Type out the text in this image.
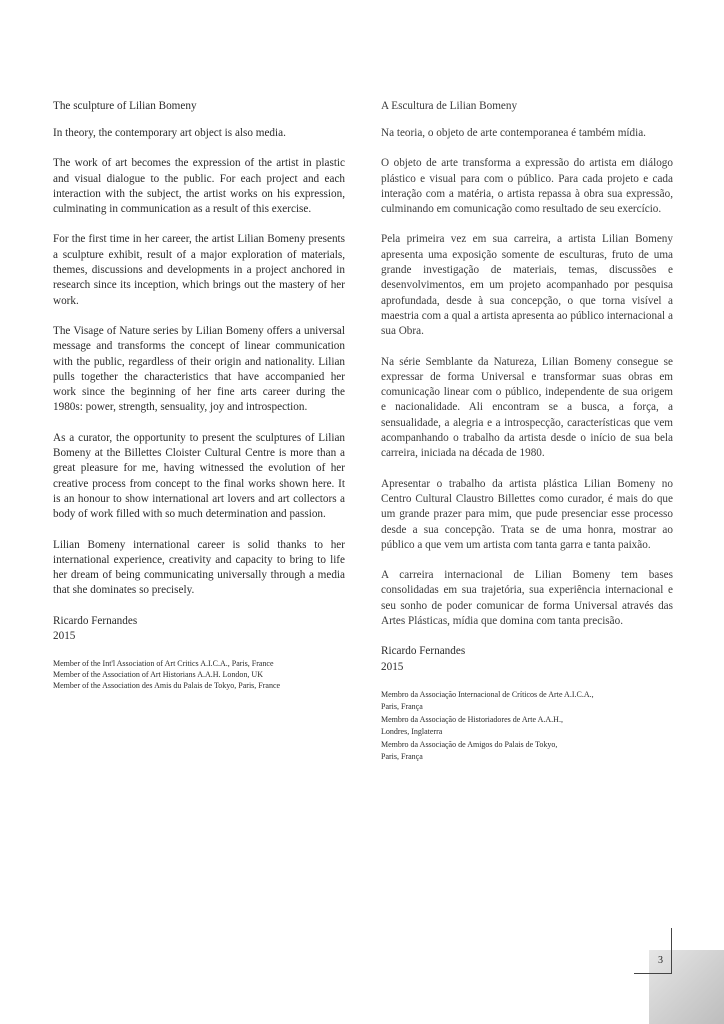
The sculpture of Lilian Bomeny

In theory, the contemporary art object is also media.

The work of art becomes the expression of the artist in plastic and visual dialogue to the public. For each project and each interaction with the subject, the artist works on his expression, culminating in communication as a result of this exercise.

For the first time in her career, the artist Lilian Bomeny presents a sculpture exhibit, result of a major exploration of materials, themes, discussions and developments in a project anchored in research since its inception, which brings out the mastery of her work.

The Visage of Nature series by Lilian Bomeny offers a universal message and transforms the concept of linear communication with the public, regardless of their origin and nationality. Lilian pulls together the characteristics that have accompanied her work since the beginning of her fine arts career during the 1980s: power, strength, sensuality, joy and introspection.

As a curator, the opportunity to present the sculptures of Lilian Bomeny at the Billettes Cloister Cultural Centre is more than a great pleasure for me, having witnessed the evolution of her creative process from concept to the final works shown here. It is an honour to show international art lovers and art collectors a body of work filled with so much determination and passion.

Lilian Bomeny international career is solid thanks to her international experience, creativity and capacity to bring to life her dream of being communicating universally through a media that she dominates so precisely.

Ricardo Fernandes
2015
Member of the Int'l Association of Art Critics A.I.C.A., Paris, France
Member of the Association of Art Historians A.A.H. London, UK
Member of the Association des Amis du Palais de Tokyo, Paris, France
A Escultura de Lilian Bomeny

Na teoria, o objeto de arte contemporanea é também mídia.

O objeto de arte transforma a expressão do artista em diálogo plástico e visual para com o público. Para cada projeto e cada interação com a matéria, o artista repassa à obra sua expressão, culminando em comunicação como resultado de seu exercício.

Pela primeira vez em sua carreira, a artista Lilian Bomeny apresenta uma exposição somente de esculturas, fruto de uma grande investigação de materiais, temas, discussões e desenvolvimentos, em um projeto acompanhado por pesquisa aprofundada, desde à sua concepção, o que torna visível a maestria com a qual a artista apresenta ao público internacional a sua Obra.

Na série Semblante da Natureza, Lilian Bomeny consegue se expressar de forma Universal e transformar suas obras em comunicação linear com o público, independente de sua origem e nacionalidade. Ali encontram se a busca, a força, a sensualidade, a alegria e a introspecção, características que vem acompanhando o trabalho da artista desde o início de sua bela carreira, iniciada na década de 1980.

Apresentar o trabalho da artista plástica Lilian Bomeny no Centro Cultural Claustro Billettes como curador, é mais do que um grande prazer para mim, que pude presenciar esse processo desde a sua concepção. Trata se de uma honra, mostrar ao público a que vem um artista com tanta garra e tanta paixão.

A carreira internacional de Lilian Bomeny tem bases consolidadas em sua trajetória, sua experiência internacional e seu sonho de poder comunicar de forma Universal através das Artes Plásticas, mídia que domina com tanta precisão.

Ricardo Fernandes
2015
Membro da Associação Internacional de Críticos de Arte A.I.C.A.,
Paris, França
Membro da Associação de Historiadores de Arte A.A.H.,
Londres, Inglaterra
Membro da Associação de Amigos do Palais de Tokyo,
Paris, França
3
